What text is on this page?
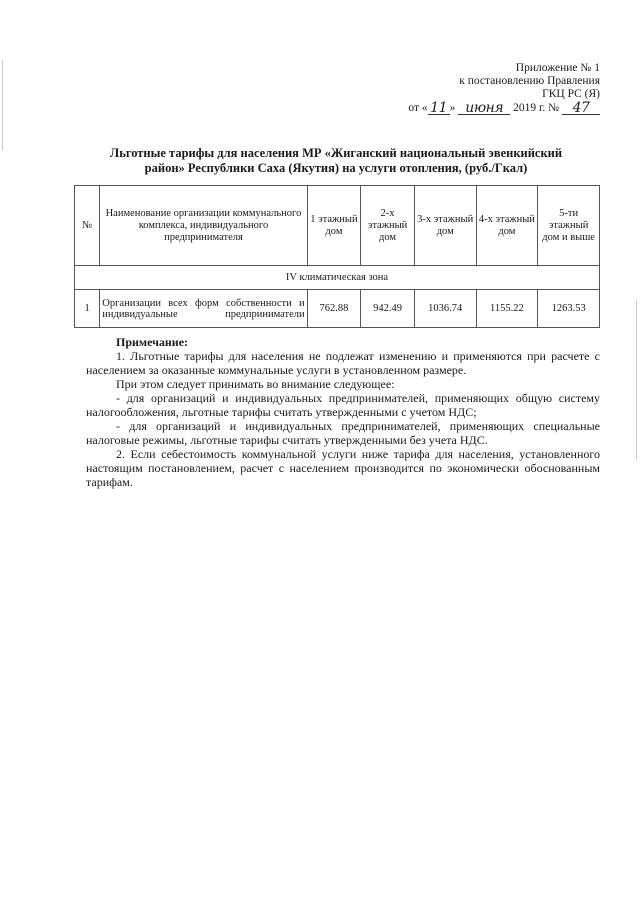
Приложение № 1
к постановлению Правления
ГКЦ РС (Я)
от « 11 » июня 2019 г. № 47
Льготные тарифы для населения МР «Жиганский национальный эвенкийский район» Республики Саха (Якутия) на услуги отопления, (руб./Гкал)
№	Наименование организации коммунального комплекса, индивидуального предпринимателя	1 этажный дом	2-х этажный дом	3-х этажный дом	4-х этажный дом	5-ти этажный дом и выше
IV климатическая зона						
1	Организации всех форм собственности и индивидуальные предприниматели	762.88	942.49	1036.74	1155.22	1263.53

Примечание:

1. Льготные тарифы для населения не подлежат изменению и применяются при расчете с населением за оказанные коммунальные услуги в установленном размере.

При этом следует принимать во внимание следующее:

- для организаций и индивидуальных предпринимателей, применяющих общую систему налогообложения, льготные тарифы считать утвержденными с учетом НДС;

- для организаций и индивидуальных предпринимателей, применяющих специальные налоговые режимы, льготные тарифы считать утвержденными без учета НДС.

2. Если себестоимость коммунальной услуги ниже тарифа для населения, установленного настоящим постановлением, расчет с населением производится по экономически обоснованным тарифам.
